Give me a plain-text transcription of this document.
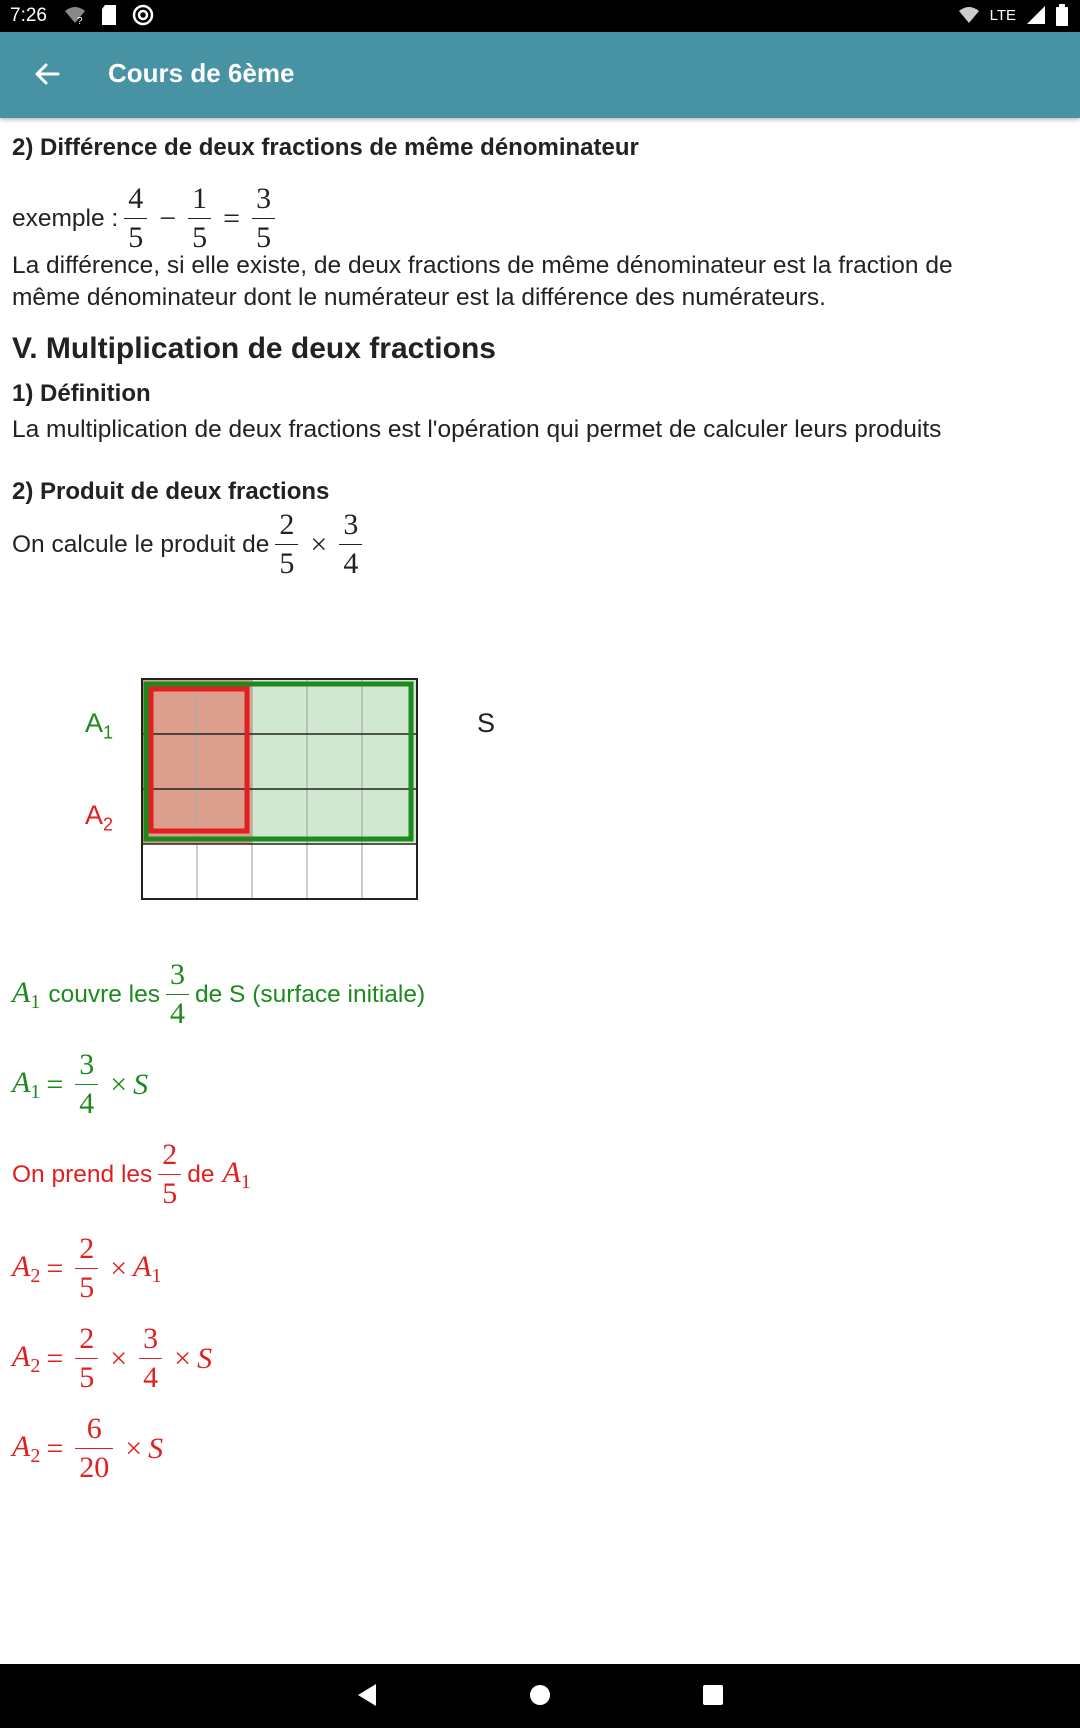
7:26	?	LTE
Cours de 6ème
2) Différence de deux fractions de même dénominateur
exemple : $\frac{4}{5} - \frac{1}{5} = \frac{3}{5}$
La différence, si elle existe, de deux fractions de même dénominateur est la fraction de
même dénominateur dont le numérateur est la différence des numérateurs.
V. Multiplication de deux fractions
1) Définition
La multiplication de deux fractions est l'opération qui permet de calculer leurs produits
2) Produit de deux fractions
On calcule le produit de $\frac{2}{5} \times \frac{3}{4}$
$A_1$
$A_2$
S
$A_1$ couvre les $\frac{3}{4}$ de S (surface initiale)
$A_1 = \frac{3}{4} \times S$
On prend les $\frac{2}{5}$ de $A_1$
$A_2 = \frac{2}{5} \times A_1$
$A_2 = \frac{2}{5} \times \frac{3}{4} \times S$
$A_2 = \frac{6}{20} \times S$
